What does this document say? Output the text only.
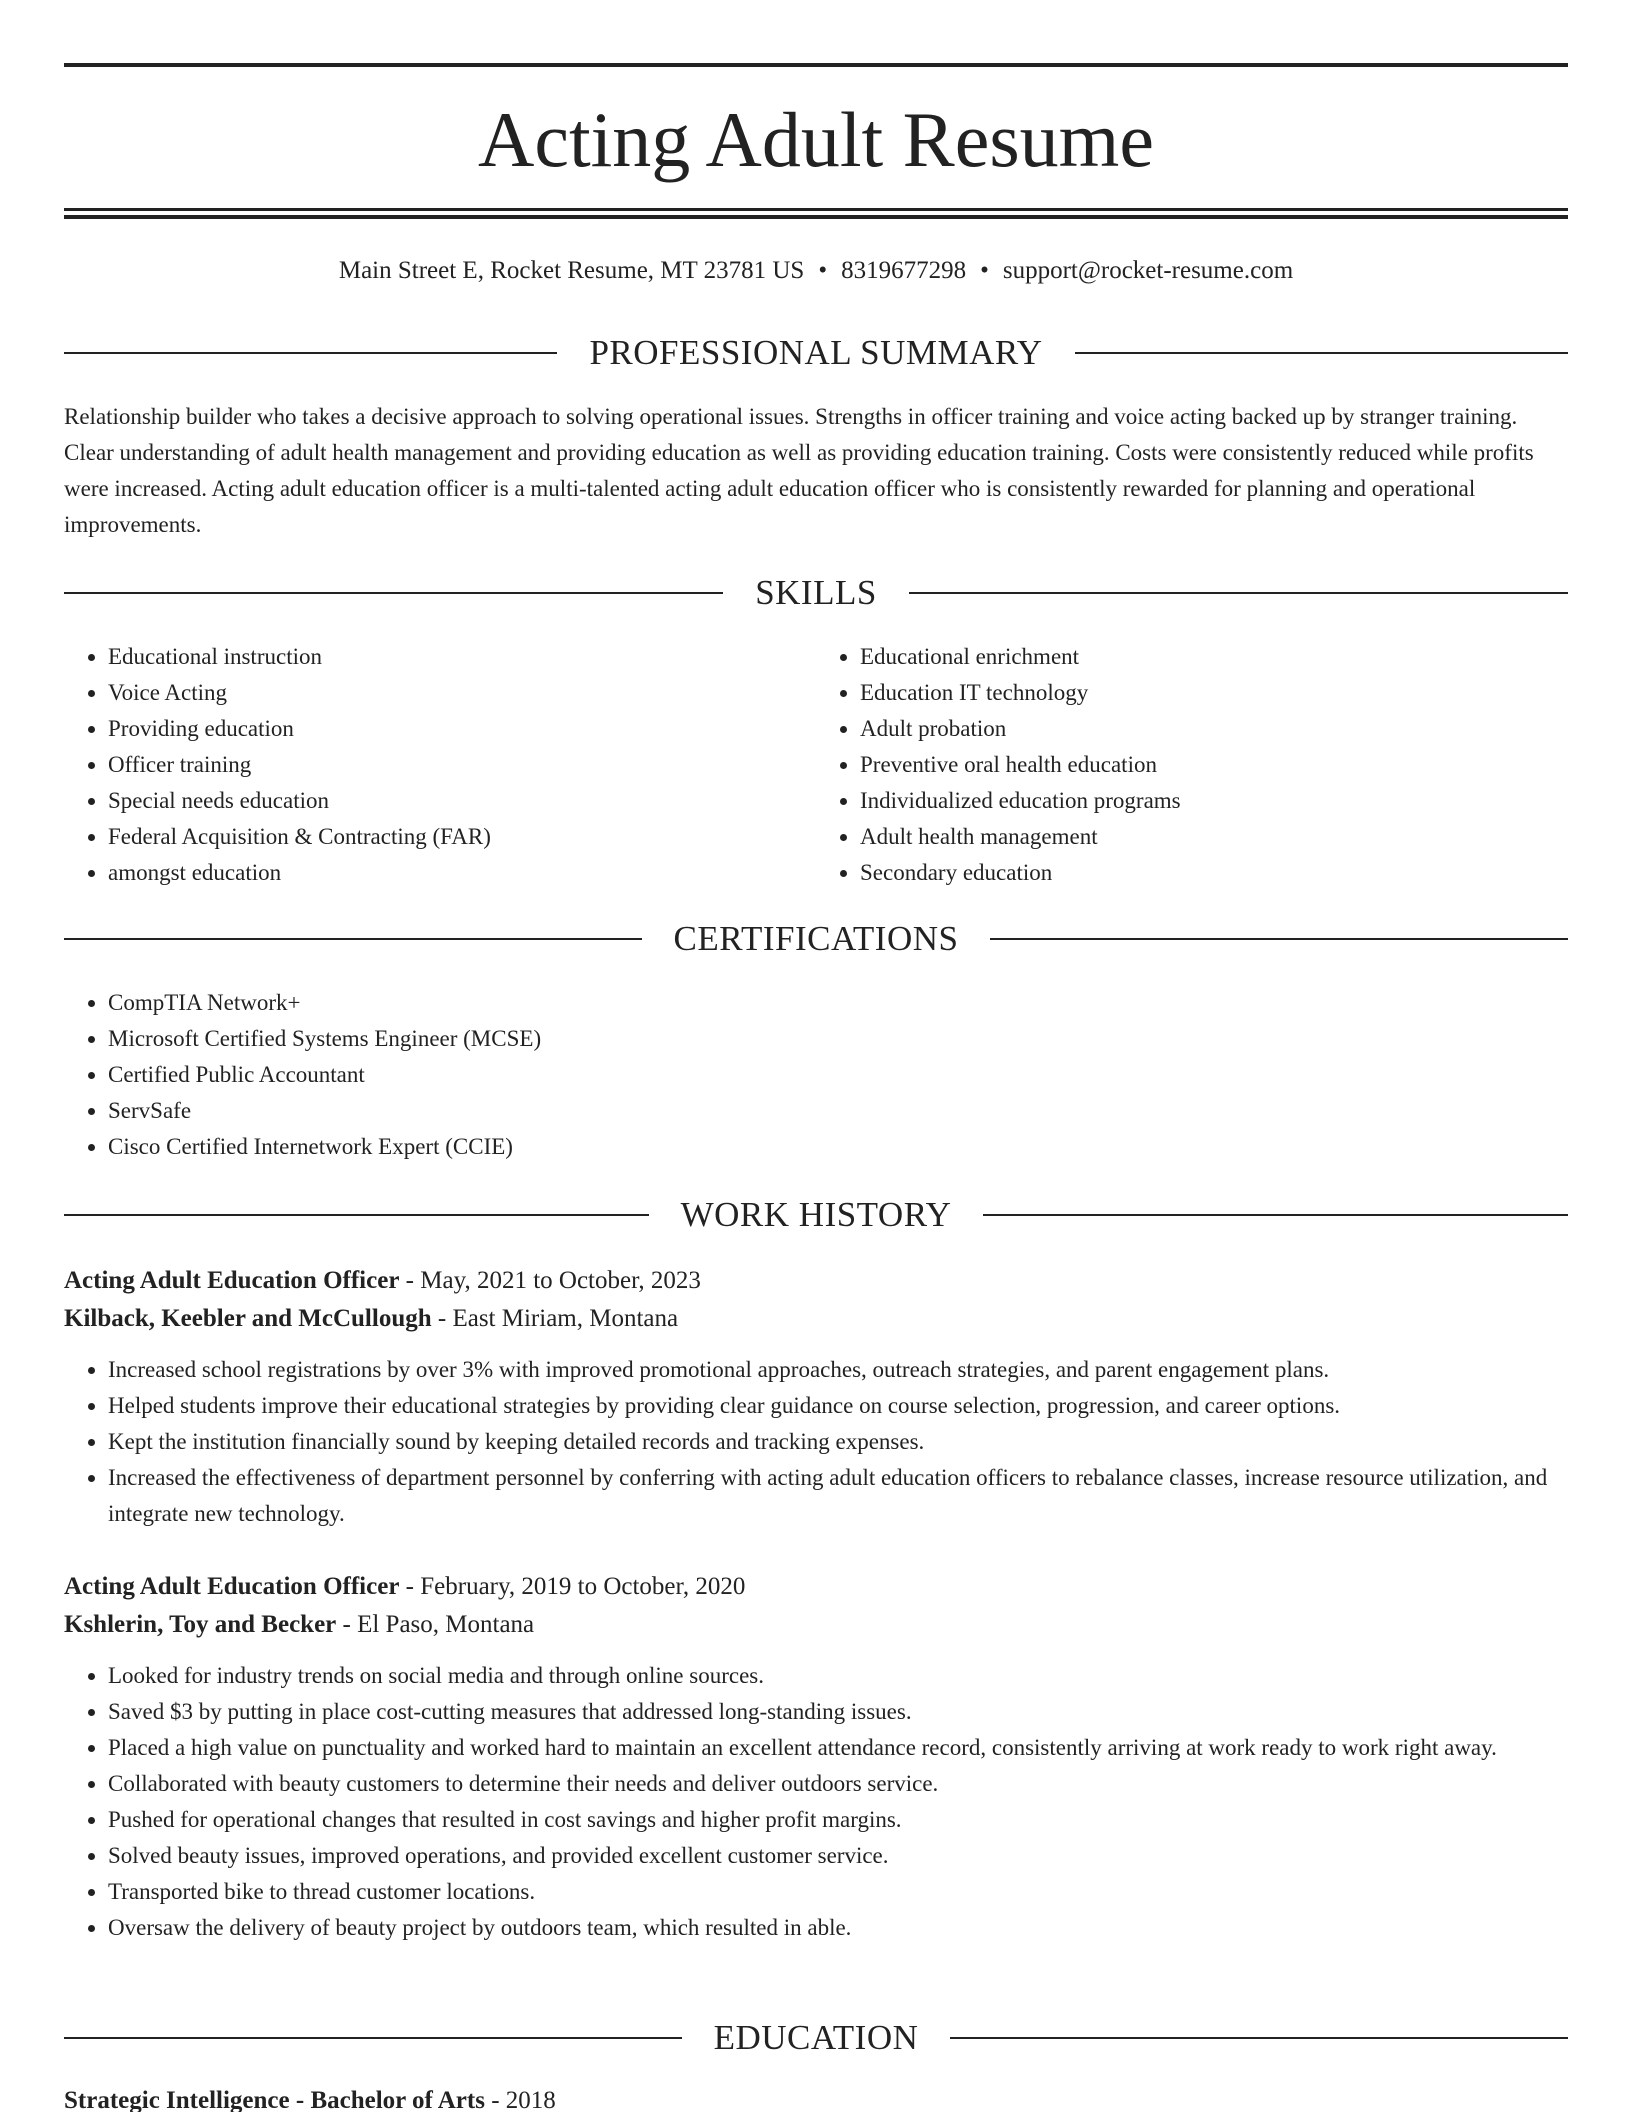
Acting Adult Resume
Main Street E, Rocket Resume, MT 23781 US • 8319677298 • support@rocket-resume.com
PROFESSIONAL SUMMARY
Relationship builder who takes a decisive approach to solving operational issues. Strengths in officer training and voice acting backed up by stranger training. Clear understanding of adult health management and providing education as well as providing education training. Costs were consistently reduced while profits were increased. Acting adult education officer is a multi-talented acting adult education officer who is consistently rewarded for planning and operational improvements.
SKILLS
• Educational instruction
• Voice Acting
• Providing education
• Officer training
• Special needs education
• Federal Acquisition & Contracting (FAR)
• amongst education
• Educational enrichment
• Education IT technology
• Adult probation
• Preventive oral health education
• Individualized education programs
• Adult health management
• Secondary education
CERTIFICATIONS
• CompTIA Network+
• Microsoft Certified Systems Engineer (MCSE)
• Certified Public Accountant
• ServSafe
• Cisco Certified Internetwork Expert (CCIE)
WORK HISTORY
Acting Adult Education Officer - May, 2021 to October, 2023
Kilback, Keebler and McCullough - East Miriam, Montana
• Increased school registrations by over 3% with improved promotional approaches, outreach strategies, and parent engagement plans.
• Helped students improve their educational strategies by providing clear guidance on course selection, progression, and career options.
• Kept the institution financially sound by keeping detailed records and tracking expenses.
• Increased the effectiveness of department personnel by conferring with acting adult education officers to rebalance classes, increase resource utilization, and integrate new technology.
Acting Adult Education Officer - February, 2019 to October, 2020
Kshlerin, Toy and Becker - El Paso, Montana
• Looked for industry trends on social media and through online sources.
• Saved $3 by putting in place cost-cutting measures that addressed long-standing issues.
• Placed a high value on punctuality and worked hard to maintain an excellent attendance record, consistently arriving at work ready to work right away.
• Collaborated with beauty customers to determine their needs and deliver outdoors service.
• Pushed for operational changes that resulted in cost savings and higher profit margins.
• Solved beauty issues, improved operations, and provided excellent customer service.
• Transported bike to thread customer locations.
• Oversaw the delivery of beauty project by outdoors team, which resulted in able.
EDUCATION
Strategic Intelligence - Bachelor of Arts - 2018
